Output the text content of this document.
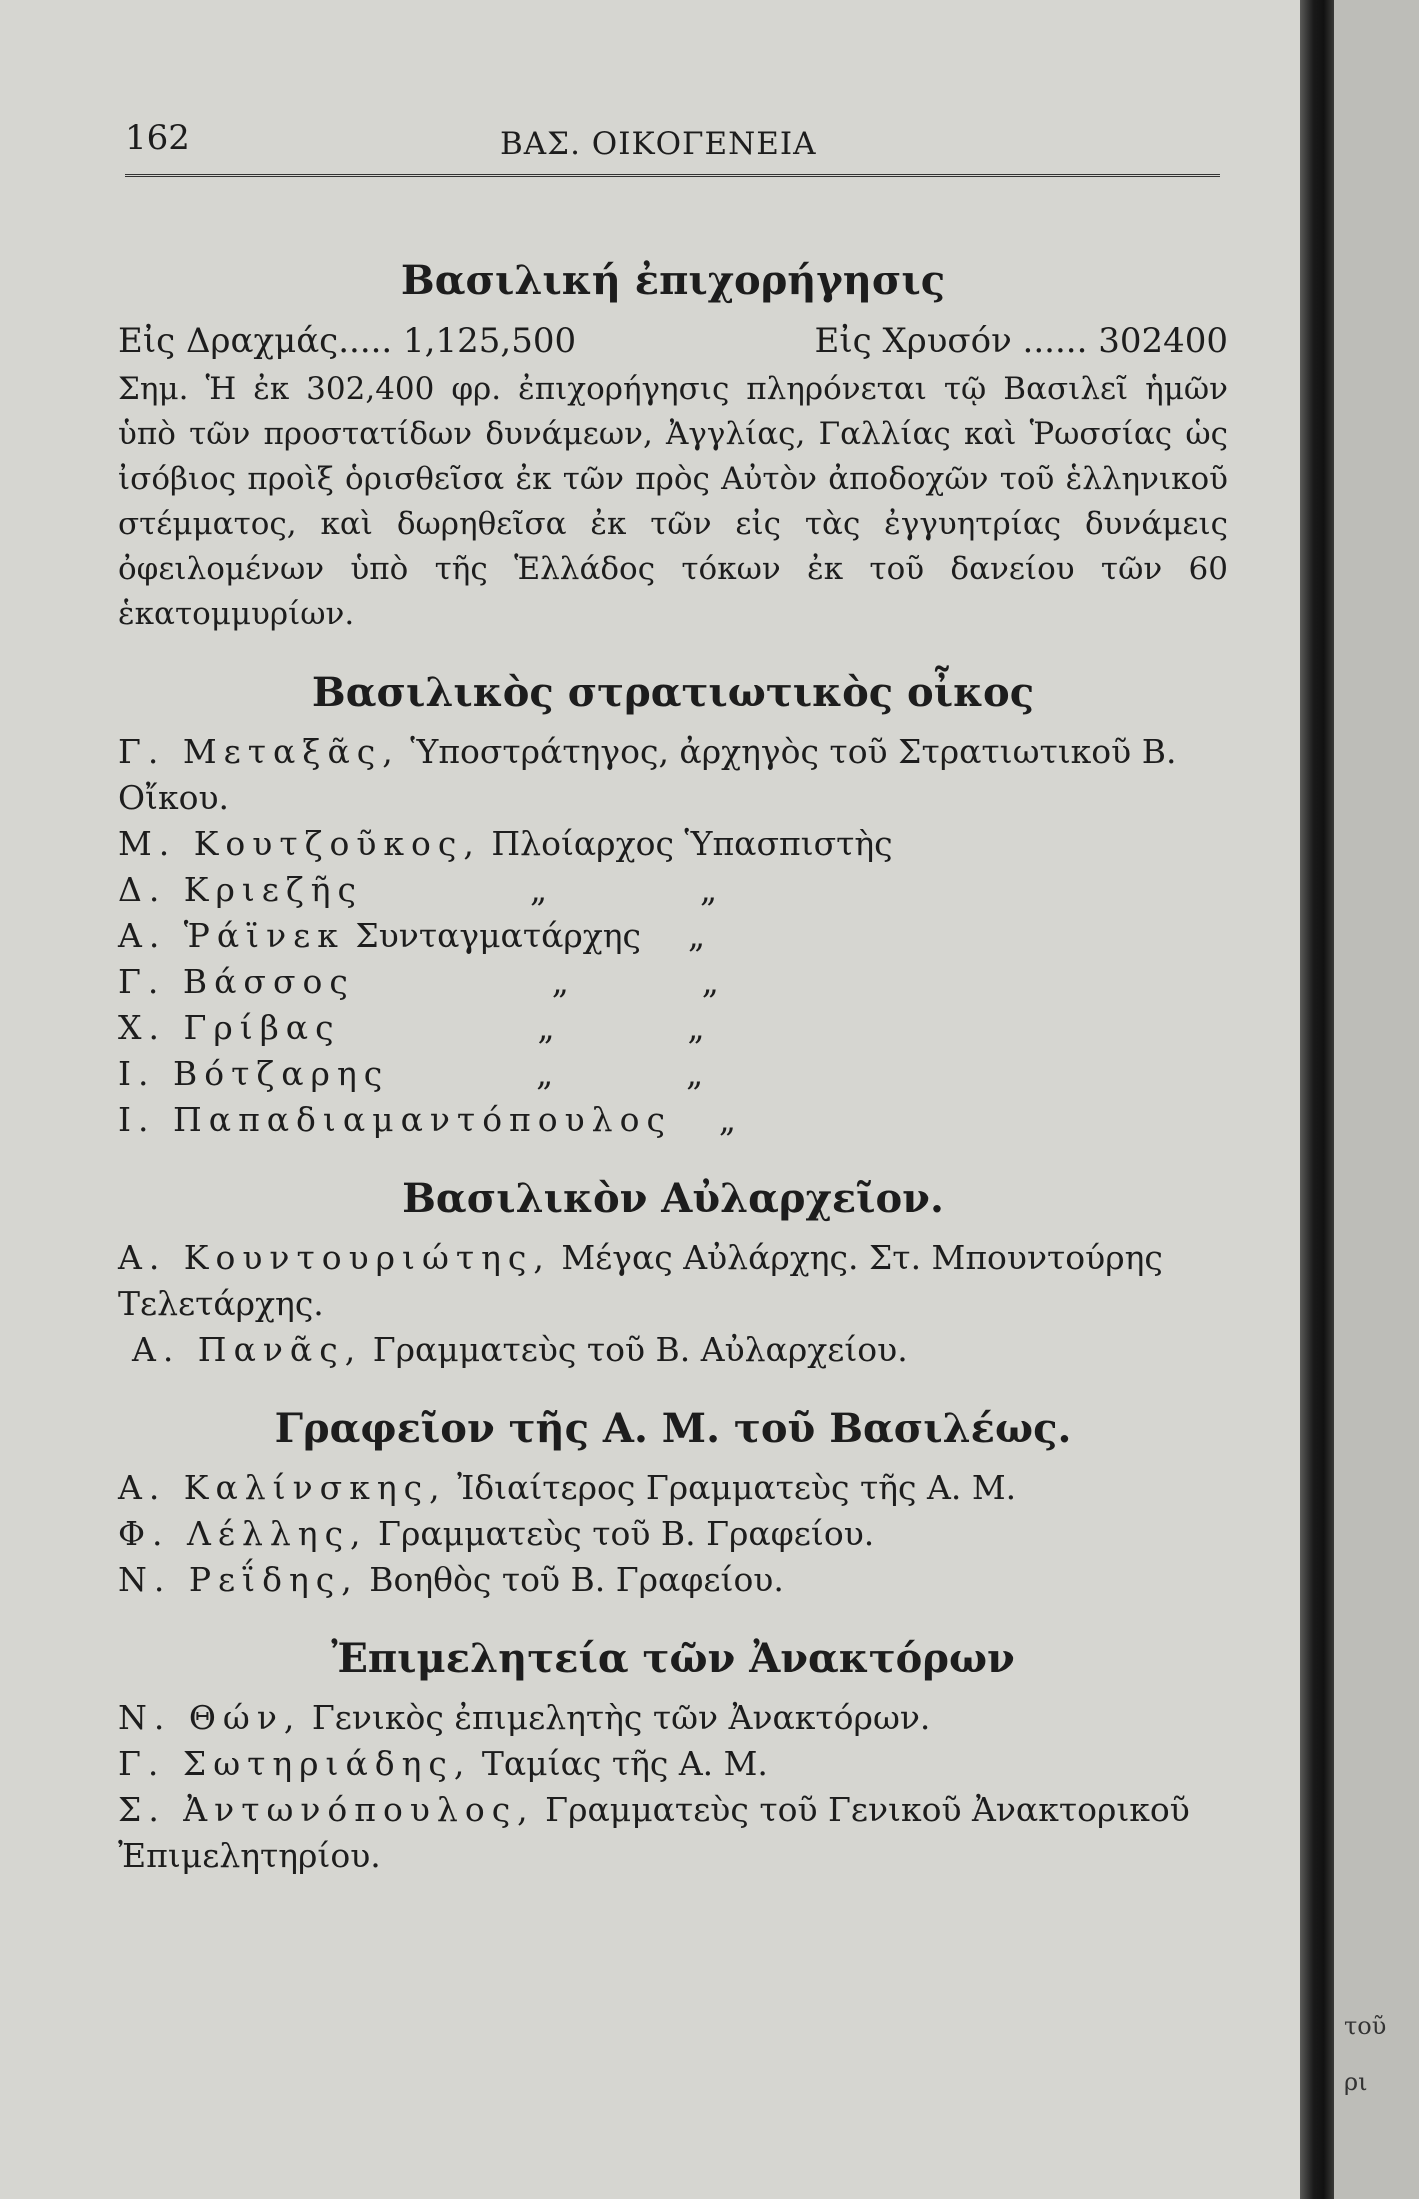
τοῦ
ρι
162	ΒΑΣ. ΟΙΚΟΓΕΝΕΙΑ
Βασιλική ἐπιχορήγησις
Εἰς Δραχμάς..... 1,125,500	Εἰς Χρυσόν ...... 302400

Σημ. Ἡ ἐκ 302,400 φρ. ἐπιχορήγησις πληρόνεται τῷ Βασιλεῖ ἡμῶν ὑπὸ τῶν προστατίδων δυνάμεων, Ἀγγλίας, Γαλλίας καὶ Ῥωσσίας ὡς ἰσόβιος προὶξ ὁρισθεῖσα ἐκ τῶν πρὸς Αὐτὸν ἀποδοχῶν τοῦ ἑλληνικοῦ στέμματος, καὶ δωρηθεῖσα ἐκ τῶν εἰς τὰς ἐγγυητρίας δυνάμεις ὀφειλομένων ὑπὸ τῆς Ἑλλάδος τόκων ἐκ τοῦ δανείου τῶν 60 ἑκατομμυρίων.

Βασιλικὸς στρατιωτικὸς οἶκος

Γ. Μεταξᾶς, Ὑποστράτηγος, ἀρχηγὸς τοῦ Στρατιωτικοῦ Β. Οἴκου.

Μ. Κουτζοῦκος, Πλοίαρχος Ὑπασπιστὴς

Δ. Κριεζῆς	„	„

Α. Ῥάϊνεκ Συνταγματάρχης „

Γ. Βάσσος	„	„

Χ. Γρίβας	„	„

Ι. Βότζαρης	„	„

Ι. Παπαδιαμαντόπουλος „

Βασιλικὸν Αὐλαρχεῖον.

Α. Κουντουριώτης, Μέγας Αὐλάρχης. Στ. Μπουντούρης Τελετάρχης.

Α. Πανᾶς, Γραμματεὺς τοῦ Β. Αὐλαρχείου.

Γραφεῖον τῆς Α. Μ. τοῦ Βασιλέως.

Α. Καλίνσκης, Ἰδιαίτερος Γραμματεὺς τῆς Α. Μ.

Φ. Λέλλης, Γραμματεὺς τοῦ Β. Γραφείου.

Ν. Ρεΐδης, Βοηθὸς τοῦ Β. Γραφείου.

Ἐπιμελητεία τῶν Ἀνακτόρων

Ν. Θών, Γενικὸς ἐπιμελητὴς τῶν Ἀνακτόρων.

Γ. Σωτηριάδης, Ταμίας τῆς Α. Μ.

Σ. Ἀντωνόπουλος, Γραμματεὺς τοῦ Γενικοῦ Ἀνακτορικοῦ Ἐπιμελητηρίου.
